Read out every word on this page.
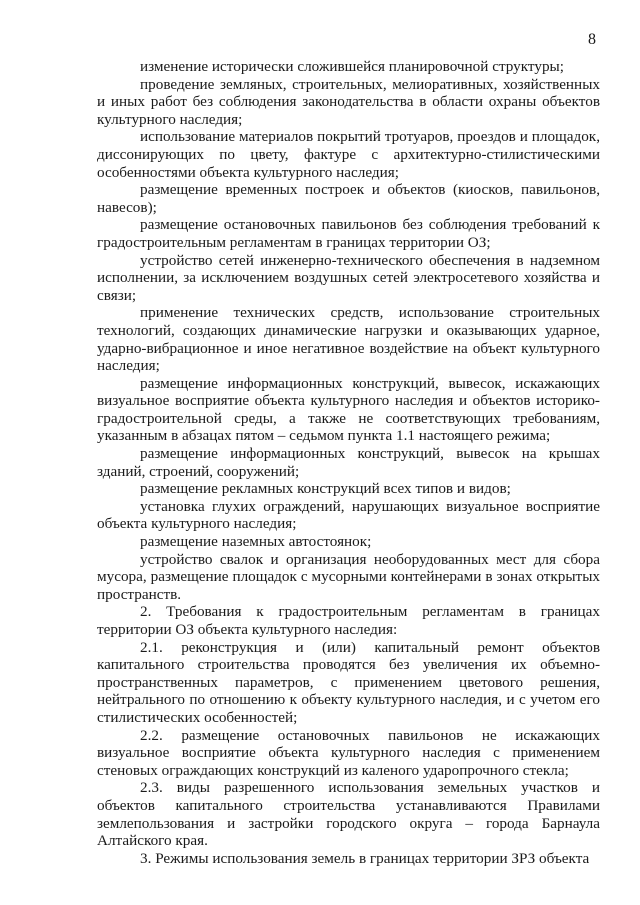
8

изменение исторически сложившейся планировочной структуры;

проведение земляных, строительных, мелиоративных, хозяйственных и иных работ без соблюдения законодательства в области охраны объектов культурного наследия;

использование материалов покрытий тротуаров, проездов и площадок, диссонирующих по цвету, фактуре с архитектурно-стилистическими особенностями объекта культурного наследия;

размещение временных построек и объектов (киосков, павильонов, навесов);

размещение остановочных павильонов без соблюдения требований к градостроительным регламентам в границах территории ОЗ;

устройство сетей инженерно-технического обеспечения в надземном исполнении, за исключением воздушных сетей электросетевого хозяйства и связи;

применение технических средств, использование строительных технологий, создающих динамические нагрузки и оказывающих ударное, ударно-вибрационное и иное негативное воздействие на объект культурного наследия;

размещение информационных конструкций, вывесок, искажающих визуальное восприятие объекта культурного наследия и объектов историко-градостроительной среды, а также не соответствующих требованиям, указанным в абзацах пятом – седьмом пункта 1.1 настоящего режима;

размещение информационных конструкций, вывесок на крышах зданий, строений, сооружений;

размещение рекламных конструкций всех типов и видов;

установка глухих ограждений, нарушающих визуальное восприятие объекта культурного наследия;

размещение наземных автостоянок;

устройство свалок и организация необорудованных мест для сбора мусора, размещение площадок с мусорными контейнерами в зонах открытых пространств.

2. Требования к градостроительным регламентам в границах территории ОЗ объекта культурного наследия:

2.1. реконструкция и (или) капитальный ремонт объектов капитального строительства проводятся без увеличения их объемно-пространственных параметров, с применением цветового решения, нейтрального по отношению к объекту культурного наследия, и с учетом его стилистических особенностей;

2.2. размещение остановочных павильонов не искажающих визуальное восприятие объекта культурного наследия с применением стеновых ограждающих конструкций из каленого ударопрочного стекла;

2.3. виды разрешенного использования земельных участков и объектов капитального строительства устанавливаются Правилами землепользования и застройки городского округа – города Барнаула Алтайского края.

3. Режимы использования земель в границах территории ЗРЗ объекта
